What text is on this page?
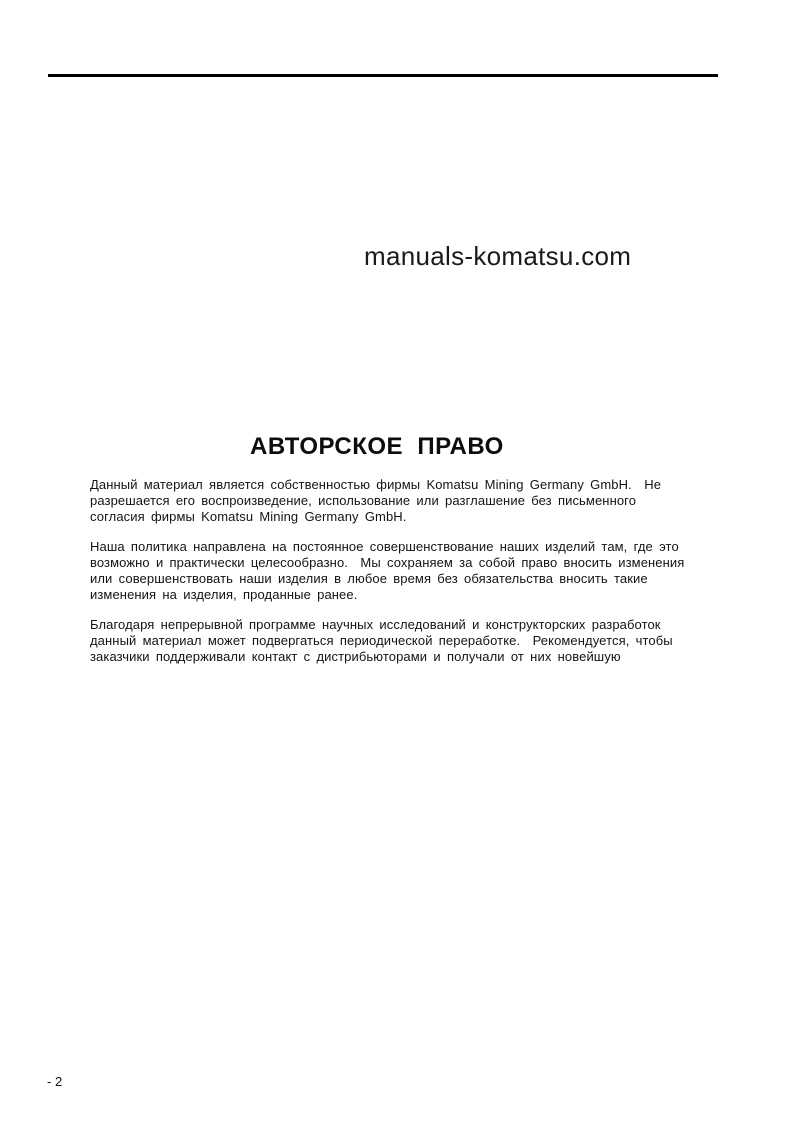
manuals-komatsu.com
АВТОРСКОЕ  ПРАВО
Данный материал является собственностью фирмы Komatsu Mining Germany GmbH.  Не
разрешается его воспроизведение, использование или разглашение без письменного
согласия фирмы Komatsu Mining Germany GmbH.
Наша политика направлена на постоянное совершенствование наших изделий там, где это
возможно и практически целесообразно.  Мы сохраняем за собой право вносить изменения
или совершенствовать наши изделия в любое время без обязательства вносить такие
изменения на изделия, проданные ранее.
Благодаря непрерывной программе научных исследований и конструкторских разработок
данный материал может подвергаться периодической переработке.  Рекомендуется, чтобы
заказчики поддерживали контакт с дистрибьюторами и получали от них новейшую
- 2
